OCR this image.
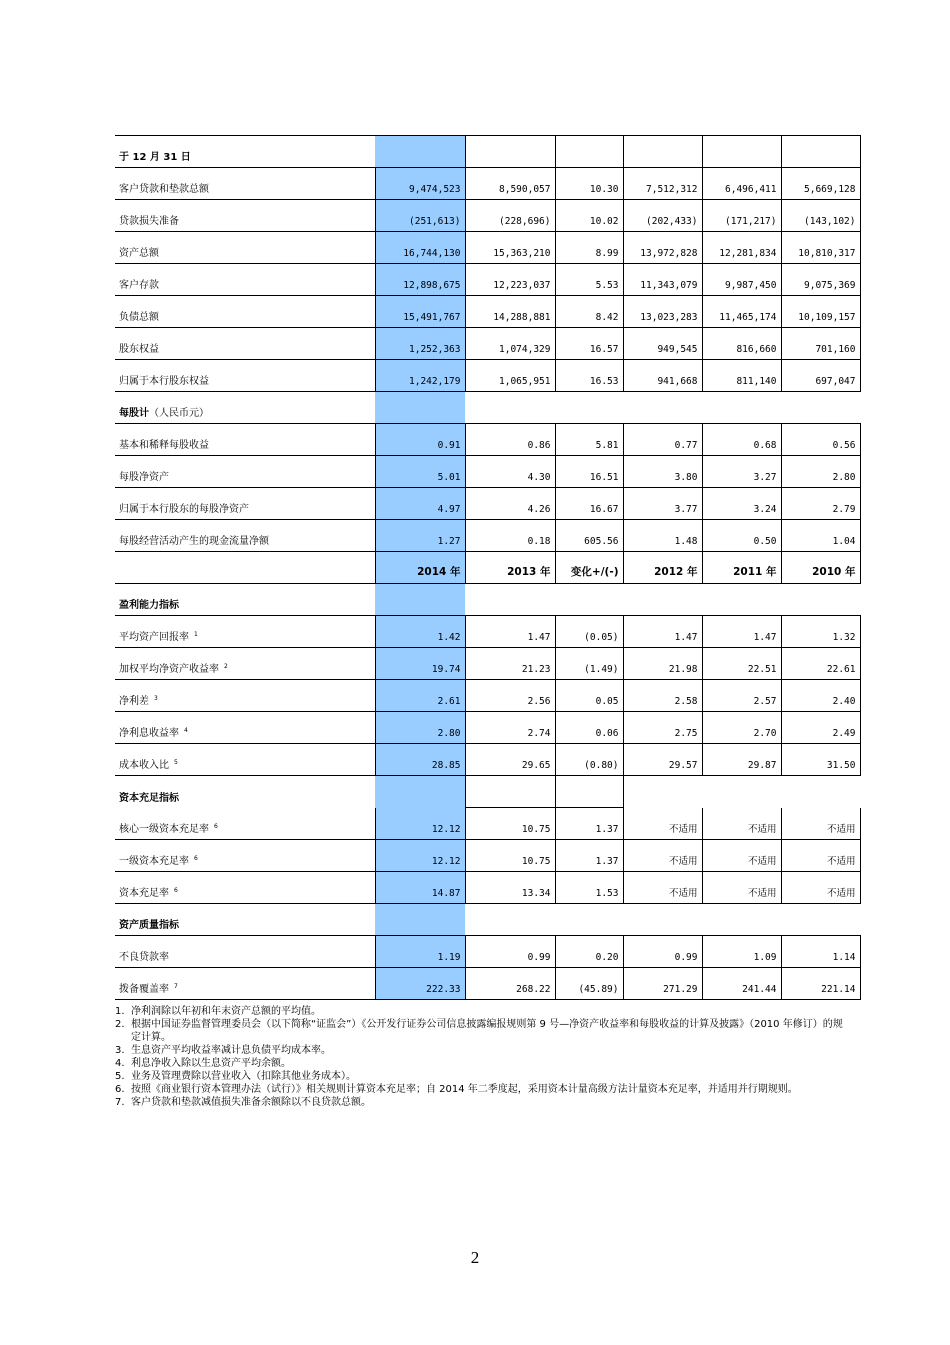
于 12 月 31 日						
客户贷款和垫款总额	9,474,523	8,590,057	10.30	7,512,312	6,496,411	5,669,128
贷款损失准备	(251,613)	(228,696)	10.02	(202,433)	(171,217)	(143,102)
资产总额	16,744,130	15,363,210	8.99	13,972,828	12,281,834	10,810,317
客户存款	12,898,675	12,223,037	5.53	11,343,079	9,987,450	9,075,369
负债总额	15,491,767	14,288,881	8.42	13,023,283	11,465,174	10,109,157
股东权益	1,252,363	1,074,329	16.57	949,545	816,660	701,160
归属于本行股东权益	1,242,179	1,065,951	16.53	941,668	811,140	697,047
每股计（人民币元）						
基本和稀释每股收益	0.91	0.86	5.81	0.77	0.68	0.56
每股净资产	5.01	4.30	16.51	3.80	3.27	2.80
归属于本行股东的每股净资产	4.97	4.26	16.67	3.77	3.24	2.79
每股经营活动产生的现金流量净额	1.27	0.18	605.56	1.48	0.50	1.04
	2014 年	2013 年	变化+/(-)	2012 年	2011 年	2010 年
盈利能力指标						
平均资产回报率 $^1$	1.42	1.47	(0.05)	1.47	1.47	1.32
加权平均净资产收益率 $^2$	19.74	21.23	(1.49)	21.98	22.51	22.61
净利差 $^3$	2.61	2.56	0.05	2.58	2.57	2.40
净利息收益率 $^4$	2.80	2.74	0.06	2.75	2.70	2.49
成本收入比 $^5$	28.85	29.65	(0.80)	29.57	29.87	31.50
资本充足指标						
核心一级资本充足率 $^6$	12.12	10.75	1.37	不适用	不适用	不适用
一级资本充足率 $^6$	12.12	10.75	1.37	不适用	不适用	不适用
资本充足率 $^6$	14.87	13.34	1.53	不适用	不适用	不适用
资产质量指标						
不良贷款率	1.19	0.99	0.20	0.99	1.09	1.14
拨备覆盖率 $^7$	222.33	268.22	(45.89)	271.29	241.44	221.14
1. 净利润除以年初和年末资产总额的平均值。
2. 根据中国证券监督管理委员会（以下简称“证监会”）《公开发行证券公司信息披露编报规则第 9 号—净资产收益率和每股收益的计算及披露》（2010 年修订）的规定计算。
3. 生息资产平均收益率减计息负债平均成本率。
4. 利息净收入除以生息资产平均余额。
5. 业务及管理费除以营业收入（扣除其他业务成本）。
6. 按照《商业银行资本管理办法（试行）》相关规则计算资本充足率；自 2014 年二季度起，采用资本计量高级方法计量资本充足率，并适用并行期规则。
7. 客户贷款和垫款减值损失准备余额除以不良贷款总额。
2
